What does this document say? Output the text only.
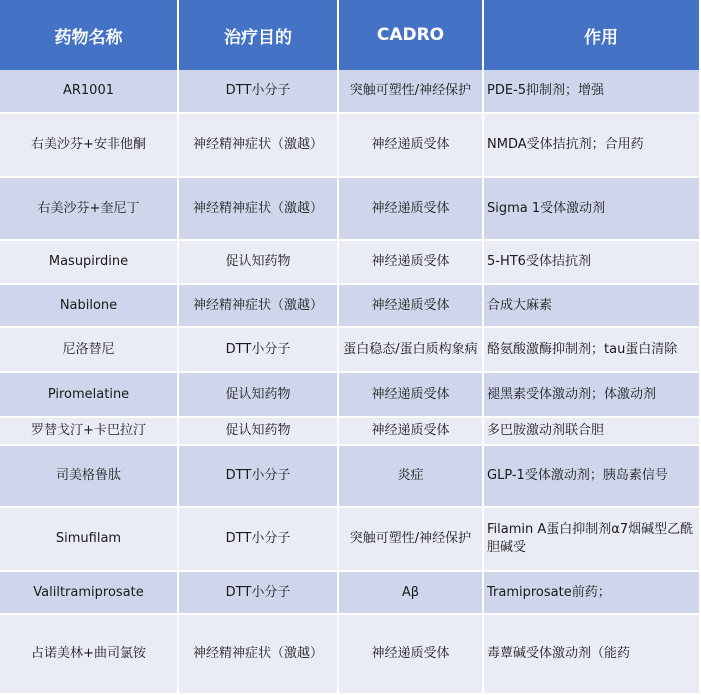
药物名称	治疗目的	CADRO	作用
AR1001	DTT小分子	突触可塑性/神经保护	PDE-5抑制剂；增强
右美沙芬+安非他酮	神经精神症状（激越）	神经递质受体	NMDA受体拮抗剂；合用药
右美沙芬+奎尼丁	神经精神症状（激越）	神经递质受体	Sigma 1受体激动剂
Masupirdine	促认知药物	神经递质受体	5-HT6受体拮抗剂
Nabilone	神经精神症状（激越）	神经递质受体	合成大麻素
尼洛替尼	DTT小分子	蛋白稳态/蛋白质构象病	酪氨酸激酶抑制剂；tau蛋白清除
Piromelatine	促认知药物	神经递质受体	褪黑素受体激动剂；体激动剂
罗替戈汀+卡巴拉汀	促认知药物	神经递质受体	多巴胺激动剂联合胆
司美格鲁肽	DTT小分子	炎症	GLP-1受体激动剂；胰岛素信号
Simufilam	DTT小分子	突触可塑性/神经保护	Filamin A蛋白抑制剂α7烟碱型乙酰胆碱受
Valiltramiprosate	DTT小分子	Aβ	Tramiprosate前药；
占诺美林+曲司氯铵	神经精神症状（激越）	神经递质受体	毒蕈碱受体激动剂（能药
